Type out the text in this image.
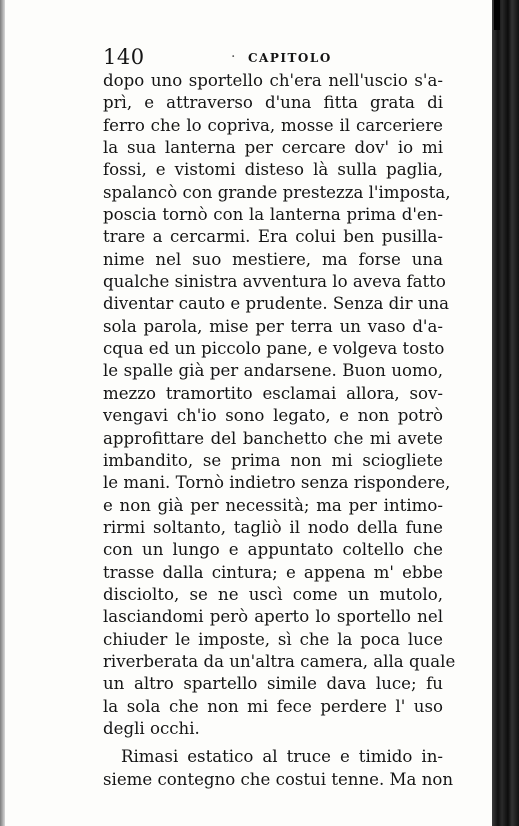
140	· CAPITOLO
dopo uno sportello ch'era nell'uscio s'a-
prì, e attraverso d'una fitta grata di
ferro che lo copriva, mosse il carceriere
la sua lanterna per cercare dov' io mi
fossi, e vistomi disteso là sulla paglia,
spalancò con grande prestezza l'imposta,
poscia tornò con la lanterna prima d'en-
trare a cercarmi. Era colui ben pusilla-
nime nel suo mestiere, ma forse una
qualche sinistra avventura lo aveva fatto
diventar cauto e prudente. Senza dir una
sola parola, mise per terra un vaso d'a-
cqua ed un piccolo pane, e volgeva tosto
le spalle già per andarsene. Buon uomo,
mezzo tramortito esclamai allora, sov-
vengavi ch'io sono legato, e non potrò
approfittare del banchetto che mi avete
imbandito, se prima non mi sciogliete
le mani. Tornò indietro senza rispondere,
e non già per necessità; ma per intimo-
rirmi soltanto, tagliò il nodo della fune
con un lungo e appuntato coltello che
trasse dalla cintura; e appena m' ebbe
disciolto, se ne uscì come un mutolo,
lasciandomi però aperto lo sportello nel
chiuder le imposte, sì che la poca luce
riverberata da un'altra camera, alla quale
un altro spartello simile dava luce; fu
la sola che non mi fece perdere l' uso
degli occhi.
Rimasi estatico al truce e timido in-
sieme contegno che costui tenne. Ma non
